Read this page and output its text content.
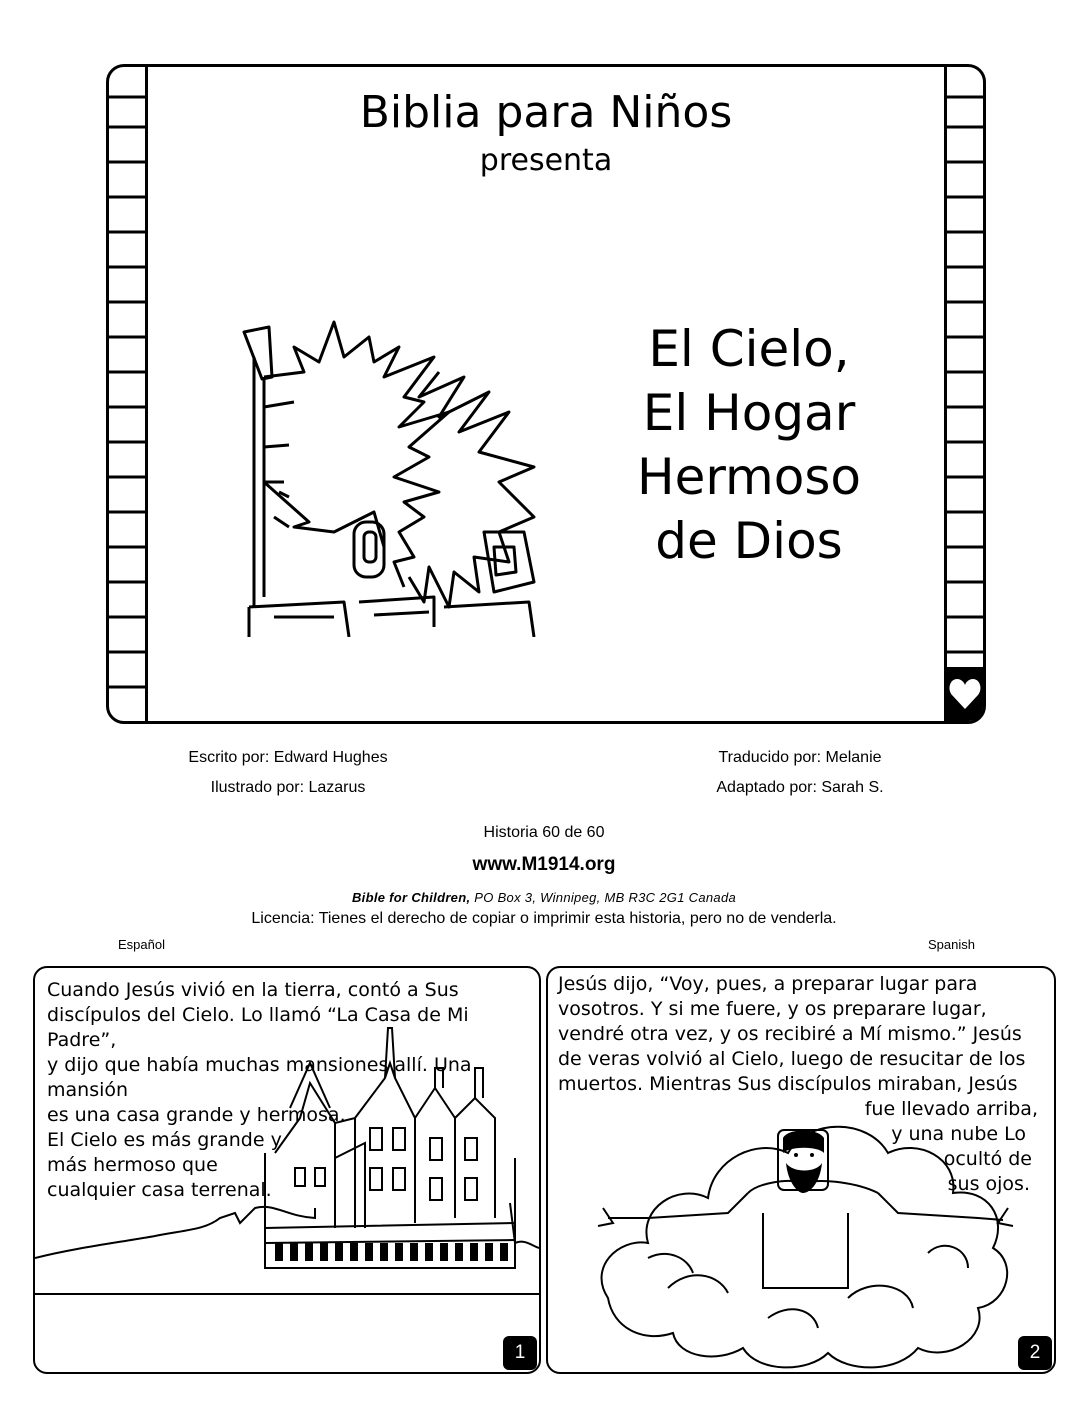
Biblia para Niños
presenta
El Cielo,
El Hogar
Hermoso
de Dios
Escrito por: Edward Hughes
Ilustrado por: Lazarus
Traducido por: Melanie
Adaptado por: Sarah S.
Historia 60 de 60
www.M1914.org
Bible for Children, PO Box 3, Winnipeg, MB R3C 2G1 Canada
Licencia: Tienes el derecho de copiar o imprimir esta historia, pero no de venderla.
Español	Spanish
Cuando Jesús vivió en la tierra, contó a Sus
discípulos del Cielo. Lo llamó “La Casa de Mi Padre”,
y dijo que había muchas mansiones allí. Una mansión
es una casa grande y hermosa.
El Cielo es más grande y
más hermoso que
cualquier casa terrenal.
1
Jesús dijo, “Voy, pues, a preparar lugar para
vosotros. Y si me fuere, y os preparare lugar,
vendré otra vez, y os recibiré a Mí mismo.” Jesús
de veras volvió al Cielo, luego de resucitar de los
muertos. Mientras Sus discípulos miraban, Jesús
fue llevado arriba,
y una nube Lo
ocultó de
sus ojos.
2
